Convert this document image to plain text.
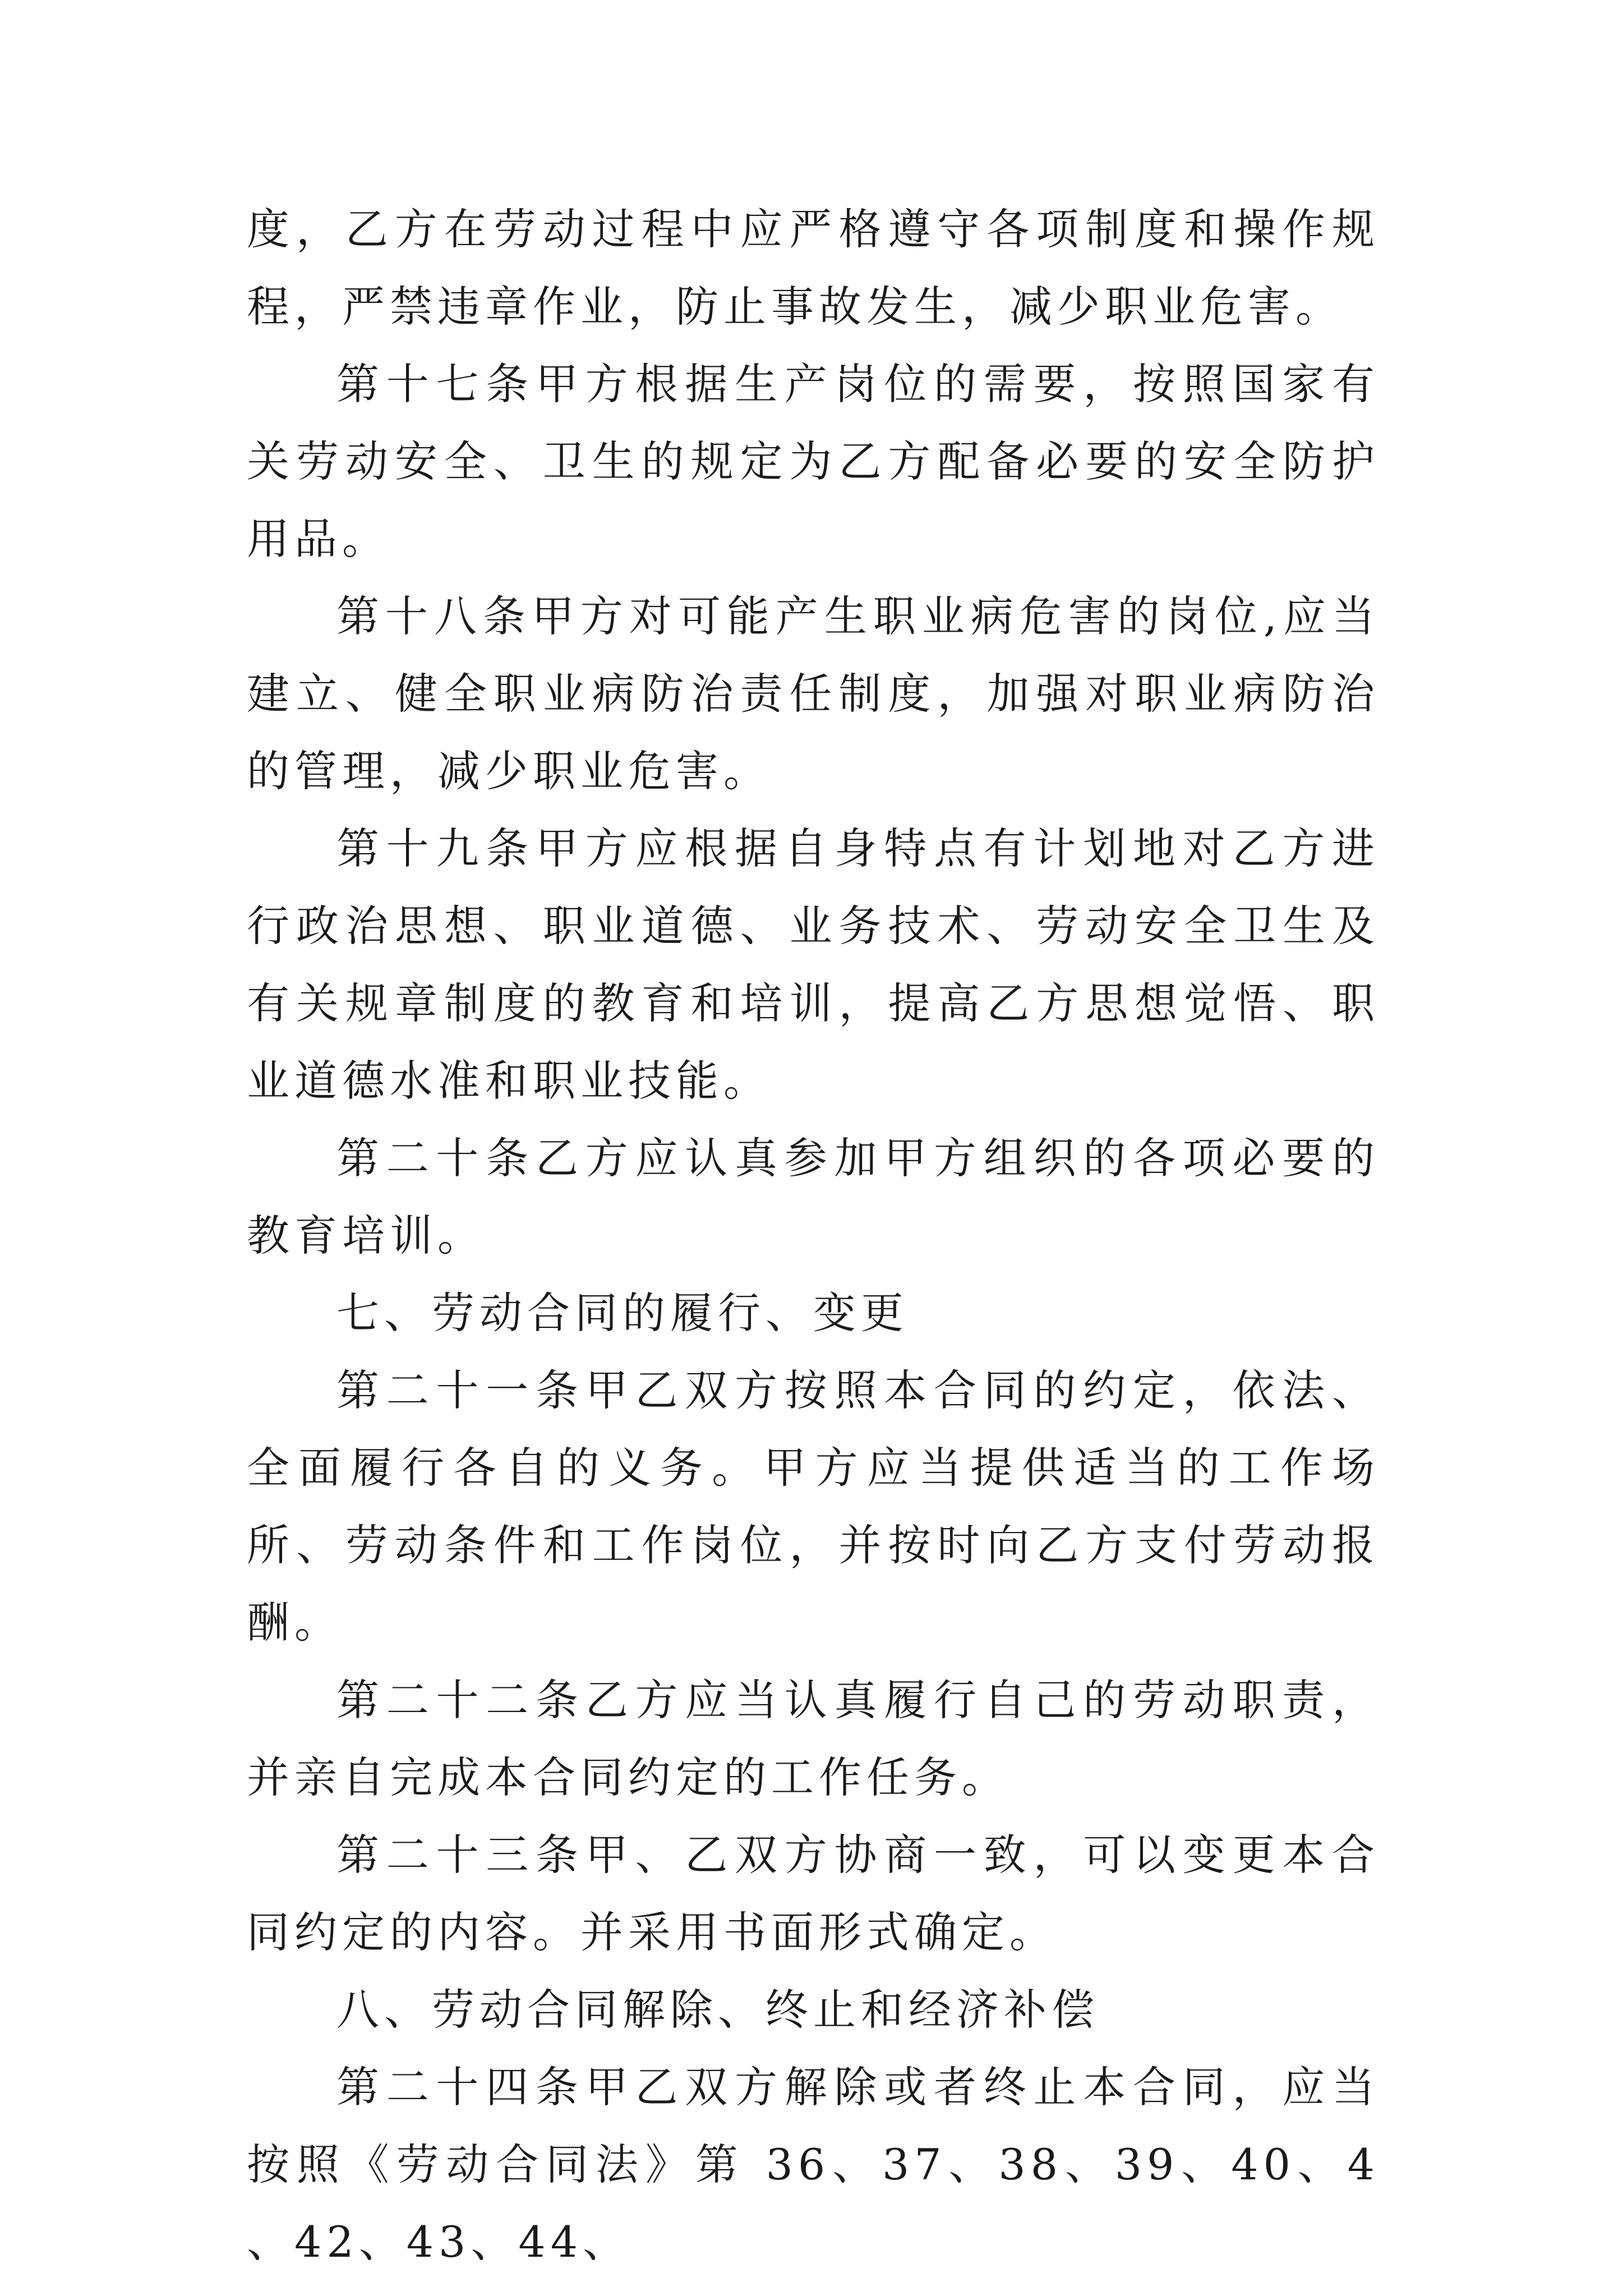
度，乙方在劳动过程中应严格遵守各项制度和操作规程，严禁违章作业，防止事故发生，减少职业危害。

第十七条甲方根据生产岗位的需要，按照国家有关劳动安全、卫生的规定为乙方配备必要的安全防护用品。

第十八条甲方对可能产生职业病危害的岗位,应当建立、健全职业病防治责任制度，加强对职业病防治的管理，减少职业危害。

第十九条甲方应根据自身特点有计划地对乙方进行政治思想、职业道德、业务技术、劳动安全卫生及有关规章制度的教育和培训，提高乙方思想觉悟、职业道德水准和职业技能。

第二十条乙方应认真参加甲方组织的各项必要的教育培训。

七、劳动合同的履行、变更

第二十一条甲乙双方按照本合同的约定，依法、全面履行各自的义务。甲方应当提供适当的工作场所、劳动条件和工作岗位，并按时向乙方支付劳动报酬。

第二十二条乙方应当认真履行自己的劳动职责，并亲自完成本合同约定的工作任务。

第二十三条甲、乙双方协商一致，可以变更本合同约定的内容。并采用书面形式确定。

八、劳动合同解除、终止和经济补偿

第二十四条甲乙双方解除或者终止本合同，应当按照《劳动合同法》第 36、37、38、39、40、4 、42、43、44、
